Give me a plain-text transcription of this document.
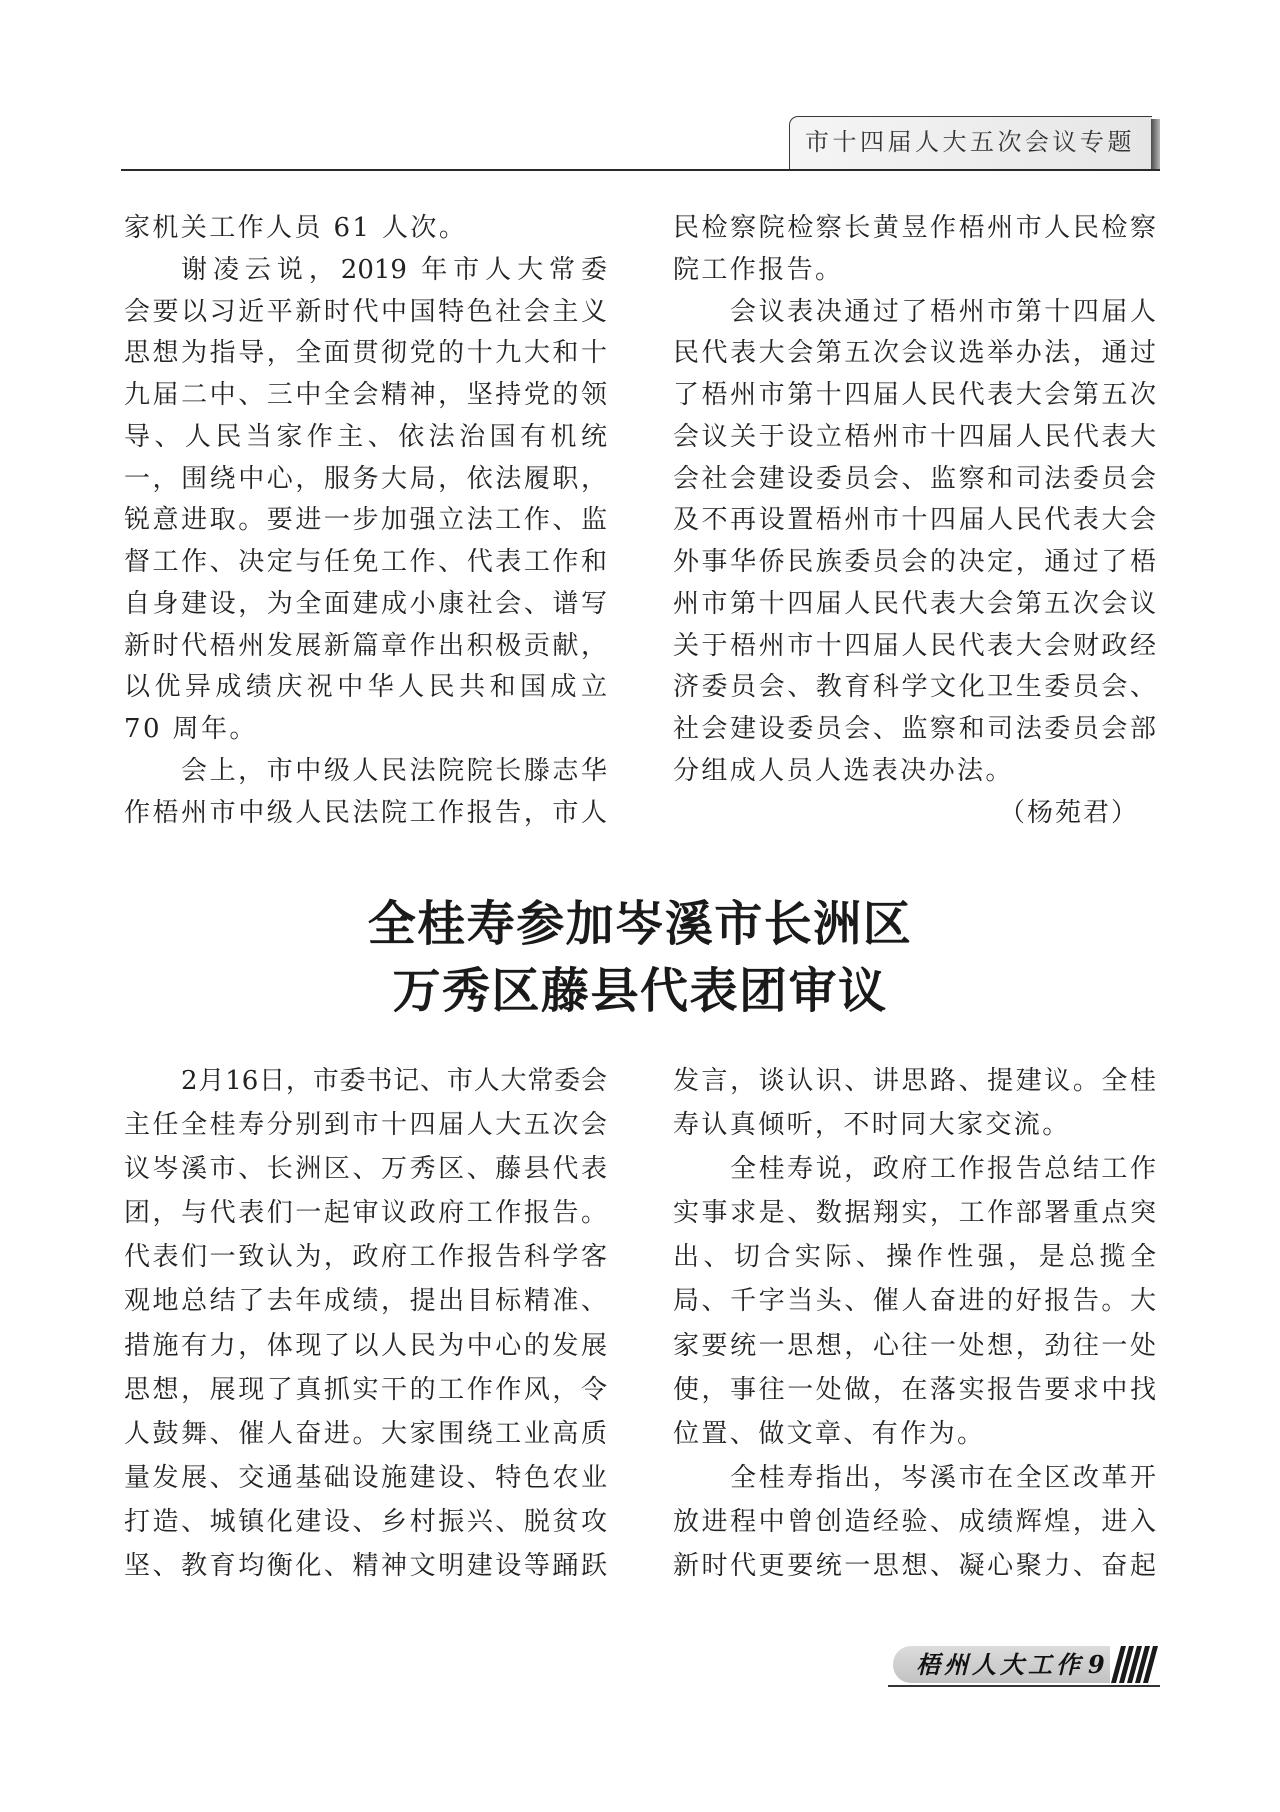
市十四届人大五次会议专题
家机关工作人员 61 人次。
谢凌云说，2019 年市人大常委
会要以习近平新时代中国特色社会主义
思想为指导，全面贯彻党的十九大和十
九届二中、三中全会精神，坚持党的领
导、人民当家作主、依法治国有机统
一，围绕中心，服务大局，依法履职，
锐意进取。要进一步加强立法工作、监
督工作、决定与任免工作、代表工作和
自身建设，为全面建成小康社会、谱写
新时代梧州发展新篇章作出积极贡献，
以优异成绩庆祝中华人民共和国成立
70 周年。
会上，市中级人民法院院长滕志华
作梧州市中级人民法院工作报告，市人
民检察院检察长黄昱作梧州市人民检察
院工作报告。
会议表决通过了梧州市第十四届人
民代表大会第五次会议选举办法，通过
了梧州市第十四届人民代表大会第五次
会议关于设立梧州市十四届人民代表大
会社会建设委员会、监察和司法委员会
及不再设置梧州市十四届人民代表大会
外事华侨民族委员会的决定，通过了梧
州市第十四届人民代表大会第五次会议
关于梧州市十四届人民代表大会财政经
济委员会、教育科学文化卫生委员会、
社会建设委员会、监察和司法委员会部
分组成人员人选表决办法。
（杨苑君）
全桂寿参加岑溪市长洲区
万秀区藤县代表团审议
2月16日，市委书记、市人大常委会
主任全桂寿分别到市十四届人大五次会
议岑溪市、长洲区、万秀区、藤县代表
团，与代表们一起审议政府工作报告。
代表们一致认为，政府工作报告科学客
观地总结了去年成绩，提出目标精准、
措施有力，体现了以人民为中心的发展
思想，展现了真抓实干的工作作风，令
人鼓舞、催人奋进。大家围绕工业高质
量发展、交通基础设施建设、特色农业
打造、城镇化建设、乡村振兴、脱贫攻
坚、教育均衡化、精神文明建设等踊跃
发言，谈认识、讲思路、提建议。全桂
寿认真倾听，不时同大家交流。
全桂寿说，政府工作报告总结工作
实事求是、数据翔实，工作部署重点突
出、切合实际、操作性强，是总揽全
局、千字当头、催人奋进的好报告。大
家要统一思想，心往一处想，劲往一处
使，事往一处做，在落实报告要求中找
位置、做文章、有作为。
全桂寿指出，岑溪市在全区改革开
放进程中曾创造经验、成绩辉煌，进入
新时代更要统一思想、凝心聚力、奋起
梧州人大工作 9
